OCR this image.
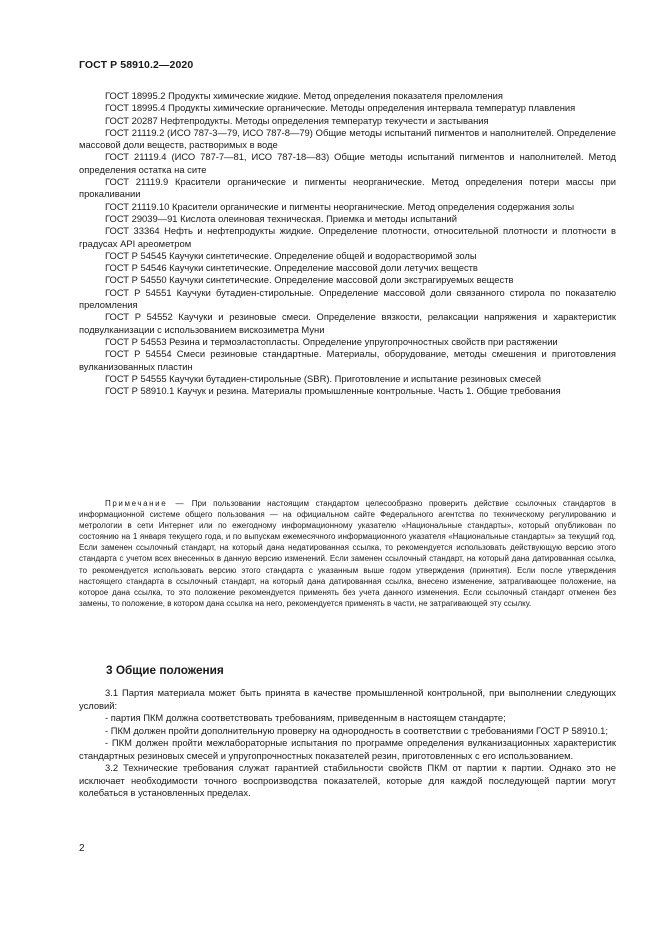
ГОСТ Р 58910.2—2020

ГОСТ 18995.2 Продукты химические жидкие. Метод определения показателя преломления

ГОСТ 18995.4 Продукты химические органические. Методы определения интервала температур плавления

ГОСТ 20287 Нефтепродукты. Методы определения температур текучести и застывания

ГОСТ 21119.2 (ИСО 787-3—79, ИСО 787-8—79) Общие методы испытаний пигментов и наполнителей. Определение массовой доли веществ, растворимых в воде

ГОСТ 21119.4 (ИСО 787-7—81, ИСО 787-18—83) Общие методы испытаний пигментов и наполнителей. Метод определения остатка на сите

ГОСТ 21119.9 Красители органические и пигменты неорганические. Метод определения потери массы при прокаливании

ГОСТ 21119.10 Красители органические и пигменты неорганические. Метод определения содержания золы

ГОСТ 29039—91 Кислота олеиновая техническая. Приемка и методы испытаний

ГОСТ 33364 Нефть и нефтепродукты жидкие. Определение плотности, относительной плотности и плотности в градусах API ареометром

ГОСТ Р 54545 Каучуки синтетические. Определение общей и водорастворимой золы

ГОСТ Р 54546 Каучуки синтетические. Определение массовой доли летучих веществ

ГОСТ Р 54550 Каучуки синтетические. Определение массовой доли экстрагируемых веществ

ГОСТ Р 54551 Каучуки бутадиен-стирольные. Определение массовой доли связанного стирола по показателю преломления

ГОСТ Р 54552 Каучуки и резиновые смеси. Определение вязкости, релаксации напряжения и характеристик подвулканизации с использованием вискозиметра Муни

ГОСТ Р 54553 Резина и термоэластопласты. Определение упругопрочностных свойств при растяжении

ГОСТ Р 54554 Смеси резиновые стандартные. Материалы, оборудование, методы смешения и приготовления вулканизованных пластин

ГОСТ Р 54555 Каучуки бутадиен-стирольные (SBR). Приготовление и испытание резиновых смесей

ГОСТ Р 58910.1 Каучук и резина. Материалы промышленные контрольные. Часть 1. Общие требования

Примечание — При пользовании настоящим стандартом целесообразно проверить действие ссылочных стандартов в информационной системе общего пользования — на официальном сайте Федерального агентства по техническому регулированию и метрологии в сети Интернет или по ежегодному информационному указателю «Национальные стандарты», который опубликован по состоянию на 1 января текущего года, и по выпускам ежемесячного информационного указателя «Национальные стандарты» за текущий год. Если заменен ссылочный стандарт, на который дана недатированная ссылка, то рекомендуется использовать действующую версию этого стандарта с учетом всех внесенных в данную версию изменений. Если заменен ссылочный стандарт, на который дана датированная ссылка, то рекомендуется использовать версию этого стандарта с указанным выше годом утверждения (принятия). Если после утверждения настоящего стандарта в ссылочный стандарт, на который дана датированная ссылка, внесено изменение, затрагивающее положение, на которое дана ссылка, то это положение рекомендуется применять без учета данного изменения. Если ссылочный стандарт отменен без замены, то положение, в котором дана ссылка на него, рекомендуется применять в части, не затрагивающей эту ссылку.

3 Общие положения

3.1 Партия материала может быть принята в качестве промышленной контрольной, при выполнении следующих условий:

- партия ПКМ должна соответствовать требованиям, приведенным в настоящем стандарте;

- ПКМ должен пройти дополнительную проверку на однородность в соответствии с требованиями ГОСТ Р 58910.1;

- ПКМ должен пройти межлабораторные испытания по программе определения вулканизационных характеристик стандартных резиновых смесей и упругопрочностных показателей резин, приготовленных с его использованием.

3.2 Технические требования служат гарантией стабильности свойств ПКМ от партии к партии. Однако это не исключает необходимости точного воспроизводства показателей, которые для каждой последующей партии могут колебаться в установленных пределах.

2
